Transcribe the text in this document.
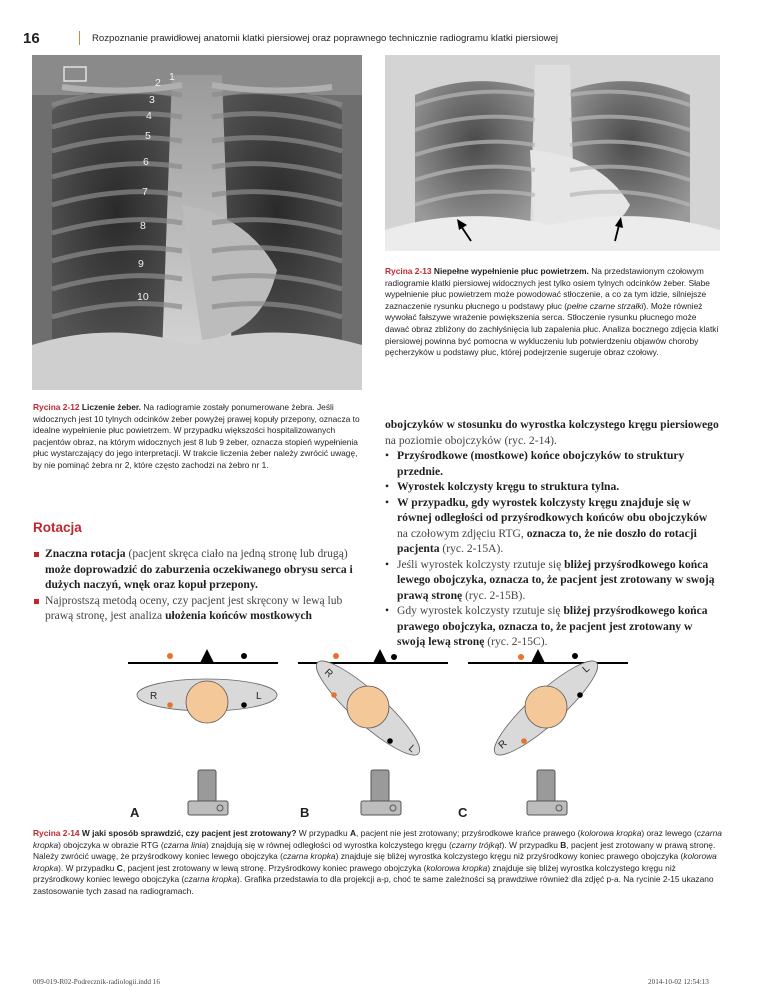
16	Rozpoznanie prawidłowej anatomii klatki piersiowej oraz poprawnego technicznie radiogramu klatki piersiowej
1
2
3
4
5
6
7
8
9
10
Rycina 2-13 Niepełne wypełnienie płuc powietrzem. Na przedstawionym czołowym radiogramie klatki piersiowej widocznych jest tylko osiem tylnych odcinków żeber. Słabe wypełnienie płuc powietrzem może powodować stłoczenie, a co za tym idzie, silniejsze zaznaczenie rysunku płucnego u podstawy płuc (pełne czarne strzałki). Może również wywołać fałszywe wrażenie powiększenia serca. Stłoczenie rysunku płucnego może dawać obraz zbliżony do zachłyśnięcia lub zapalenia płuc. Analiza bocznego zdjęcia klatki piersiowej powinna być pomocna w wykluczeniu lub potwierdzeniu objawów choroby pęcherzyków u podstawy płuc, której podejrzenie sugeruje obraz czołowy.
Rycina 2-12 Liczenie żeber. Na radiogramie zostały ponumerowane żebra. Jeśli widocznych jest 10 tylnych odcinków żeber powyżej prawej kopuły przepony, oznacza to idealne wypełnienie płuc powietrzem. W przypadku większości hospitalizowanych pacjentów obraz, na którym widocznych jest 8 lub 9 żeber, oznacza stopień wypełnienia płuc wystarczający do jego interpretacji. W trakcie liczenia żeber należy zwrócić uwagę, by nie pominąć żebra nr 2, które często zachodzi na żebro nr 1.
Rotacja
Znaczna rotacja (pacjent skręca ciało na jedną stronę lub drugą) może doprowadzić do zaburzenia oczekiwanego obrysu serca i dużych naczyń, wnęk oraz kopuł przepony.
Najprostszą metodą oceny, czy pacjent jest skręcony w lewą lub prawą stronę, jest analiza ułożenia końców mostkowych
obojczyków w stosunku do wyrostka kolczystego kręgu piersiowego na poziomie obojczyków (ryc. 2-14).
• Przyśrodkowe (mostkowe) końce obojczyków to struktury przednie.
• Wyrostek kolczysty kręgu to struktura tylna.
• W przypadku, gdy wyrostek kolczysty kręgu znajduje się w równej odległości od przyśrodkowych końców obu obojczyków na czołowym zdjęciu RTG, oznacza to, że nie doszło do rotacji pacjenta (ryc. 2-15A).
• Jeśli wyrostek kolczysty rzutuje się bliżej przyśrodkowego końca lewego obojczyka, oznacza to, że pacjent jest zrotowany w swoją prawą stronę (ryc. 2-15B).
• Gdy wyrostek kolczysty rzutuje się bliżej przyśrodkowego końca prawego obojczyka, oznacza to, że pacjent jest zrotowany w swoją lewą stronę (ryc. 2-15C).
R	L
A
R
L
B
R
L
C
Rycina 2-14 W jaki sposób sprawdzić, czy pacjent jest zrotowany? W przypadku A, pacjent nie jest zrotowany; przyśrodkowe krańce prawego (kolorowa kropka) oraz lewego (czarna kropka) obojczyka w obrazie RTG (czarna linia) znajdują się w równej odległości od wyrostka kolczystego kręgu (czarny trójkąt). W przypadku B, pacjent jest zrotowany w prawą stronę. Należy zwrócić uwagę, że przyśrodkowy koniec lewego obojczyka (czarna kropka) znajduje się bliżej wyrostka kolczystego kręgu niż przyśrodkowy koniec prawego obojczyka (kolorowa kropka). W przypadku C, pacjent jest zrotowany w lewą stronę. Przyśrodkowy koniec prawego obojczyka (kolorowa kropka) znajduje się bliżej wyrostka kolczystego kręgu niż przyśrodkowy koniec lewego obojczyka (czarna kropka). Grafika przedstawia to dla projekcji a-p, choć te same zależności są prawdziwe również dla zdjęć p-a. Na rycinie 2-15 ukazano zastosowanie tych zasad na radiogramach.
009-019-R02-Podrecznik-radiologii.indd 16	2014-10-02 12:54:13
